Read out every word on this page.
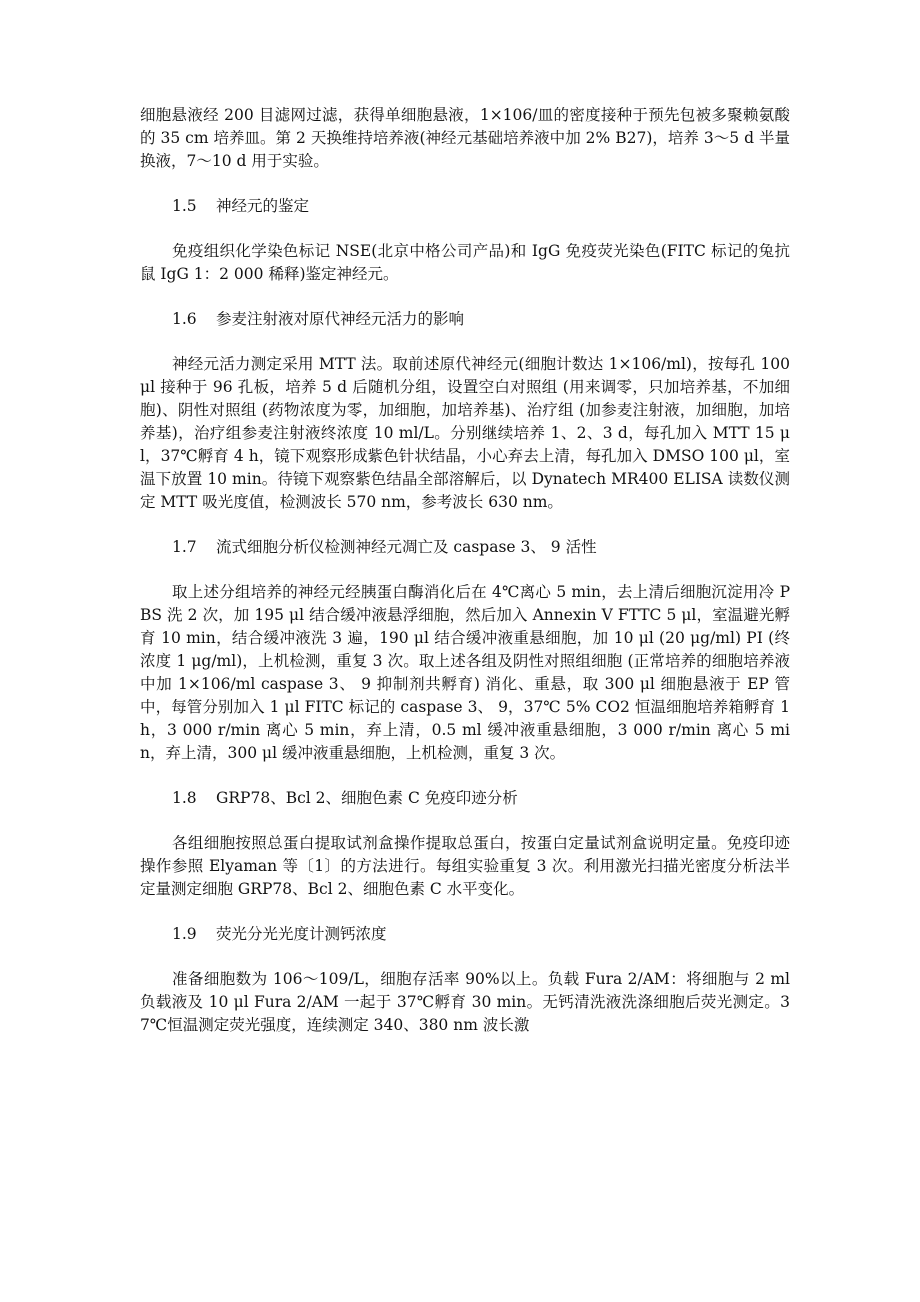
细胞悬液经 200 目滤网过滤，获得单细胞悬液，1×106/皿的密度接种于预先包被多聚赖氨酸的 35 cm 培养皿。第 2 天换维持培养液(神经元基础培养液中加 2% B27)，培养 3～5 d 半量换液，7～10 d 用于实验。

1.5 神经元的鉴定

免疫组织化学染色标记 NSE(北京中格公司产品)和 IgG 免疫荧光染色(FITC 标记的兔抗鼠 IgG 1：2 000 稀释)鉴定神经元。

1.6 参麦注射液对原代神经元活力的影响

神经元活力测定采用 MTT 法。取前述原代神经元(细胞计数达 1×106/ml)，按每孔 100 μl 接种于 96 孔板，培养 5 d 后随机分组，设置空白对照组 (用来调零，只加培养基，不加细胞)、阴性对照组 (药物浓度为零，加细胞，加培养基)、治疗组 (加参麦注射液，加细胞，加培养基)，治疗组参麦注射液终浓度 10 ml/L。分别继续培养 1、2、3 d，每孔加入 MTT 15 μl，37℃孵育 4 h，镜下观察形成紫色针状结晶，小心弃去上清，每孔加入 DMSO 100 μl，室温下放置 10 min。待镜下观察紫色结晶全部溶解后，以 Dynatech MR400 ELISA 读数仪测定 MTT 吸光度值，检测波长 570 nm，参考波长 630 nm。

1.7 流式细胞分析仪检测神经元凋亡及 caspase 3、 9 活性

取上述分组培养的神经元经胰蛋白酶消化后在 4℃离心 5 min，去上清后细胞沉淀用冷 PBS 洗 2 次，加 195 μl 结合缓冲液悬浮细胞，然后加入 Annexin V FTTC 5 μl，室温避光孵育 10 min，结合缓冲液洗 3 遍，190 μl 结合缓冲液重悬细胞，加 10 μl (20 μg/ml) PI (终浓度 1 μg/ml)，上机检测，重复 3 次。取上述各组及阴性对照组细胞 (正常培养的细胞培养液中加 1×106/ml caspase 3、 9 抑制剂共孵育) 消化、重悬，取 300 μl 细胞悬液于 EP 管中，每管分别加入 1 μl FITC 标记的 caspase 3、 9，37℃ 5% CO2 恒温细胞培养箱孵育 1 h，3 000 r/min 离心 5 min，弃上清，0.5 ml 缓冲液重悬细胞，3 000 r/min 离心 5 min，弃上清，300 μl 缓冲液重悬细胞，上机检测，重复 3 次。

1.8 GRP78、Bcl 2、细胞色素 C 免疫印迹分析

各组细胞按照总蛋白提取试剂盒操作提取总蛋白，按蛋白定量试剂盒说明定量。免疫印迹操作参照 Elyaman 等〔1〕的方法进行。每组实验重复 3 次。利用激光扫描光密度分析法半定量测定细胞 GRP78、Bcl 2、细胞色素 C 水平变化。

1.9 荧光分光光度计测钙浓度

准备细胞数为 106～109/L，细胞存活率 90%以上。负载 Fura 2/AM：将细胞与 2 ml 负载液及 10 μl Fura 2/AM 一起于 37℃孵育 30 min。无钙清洗液洗涤细胞后荧光测定。37℃恒温测定荧光强度，连续测定 340、380 nm 波长激
